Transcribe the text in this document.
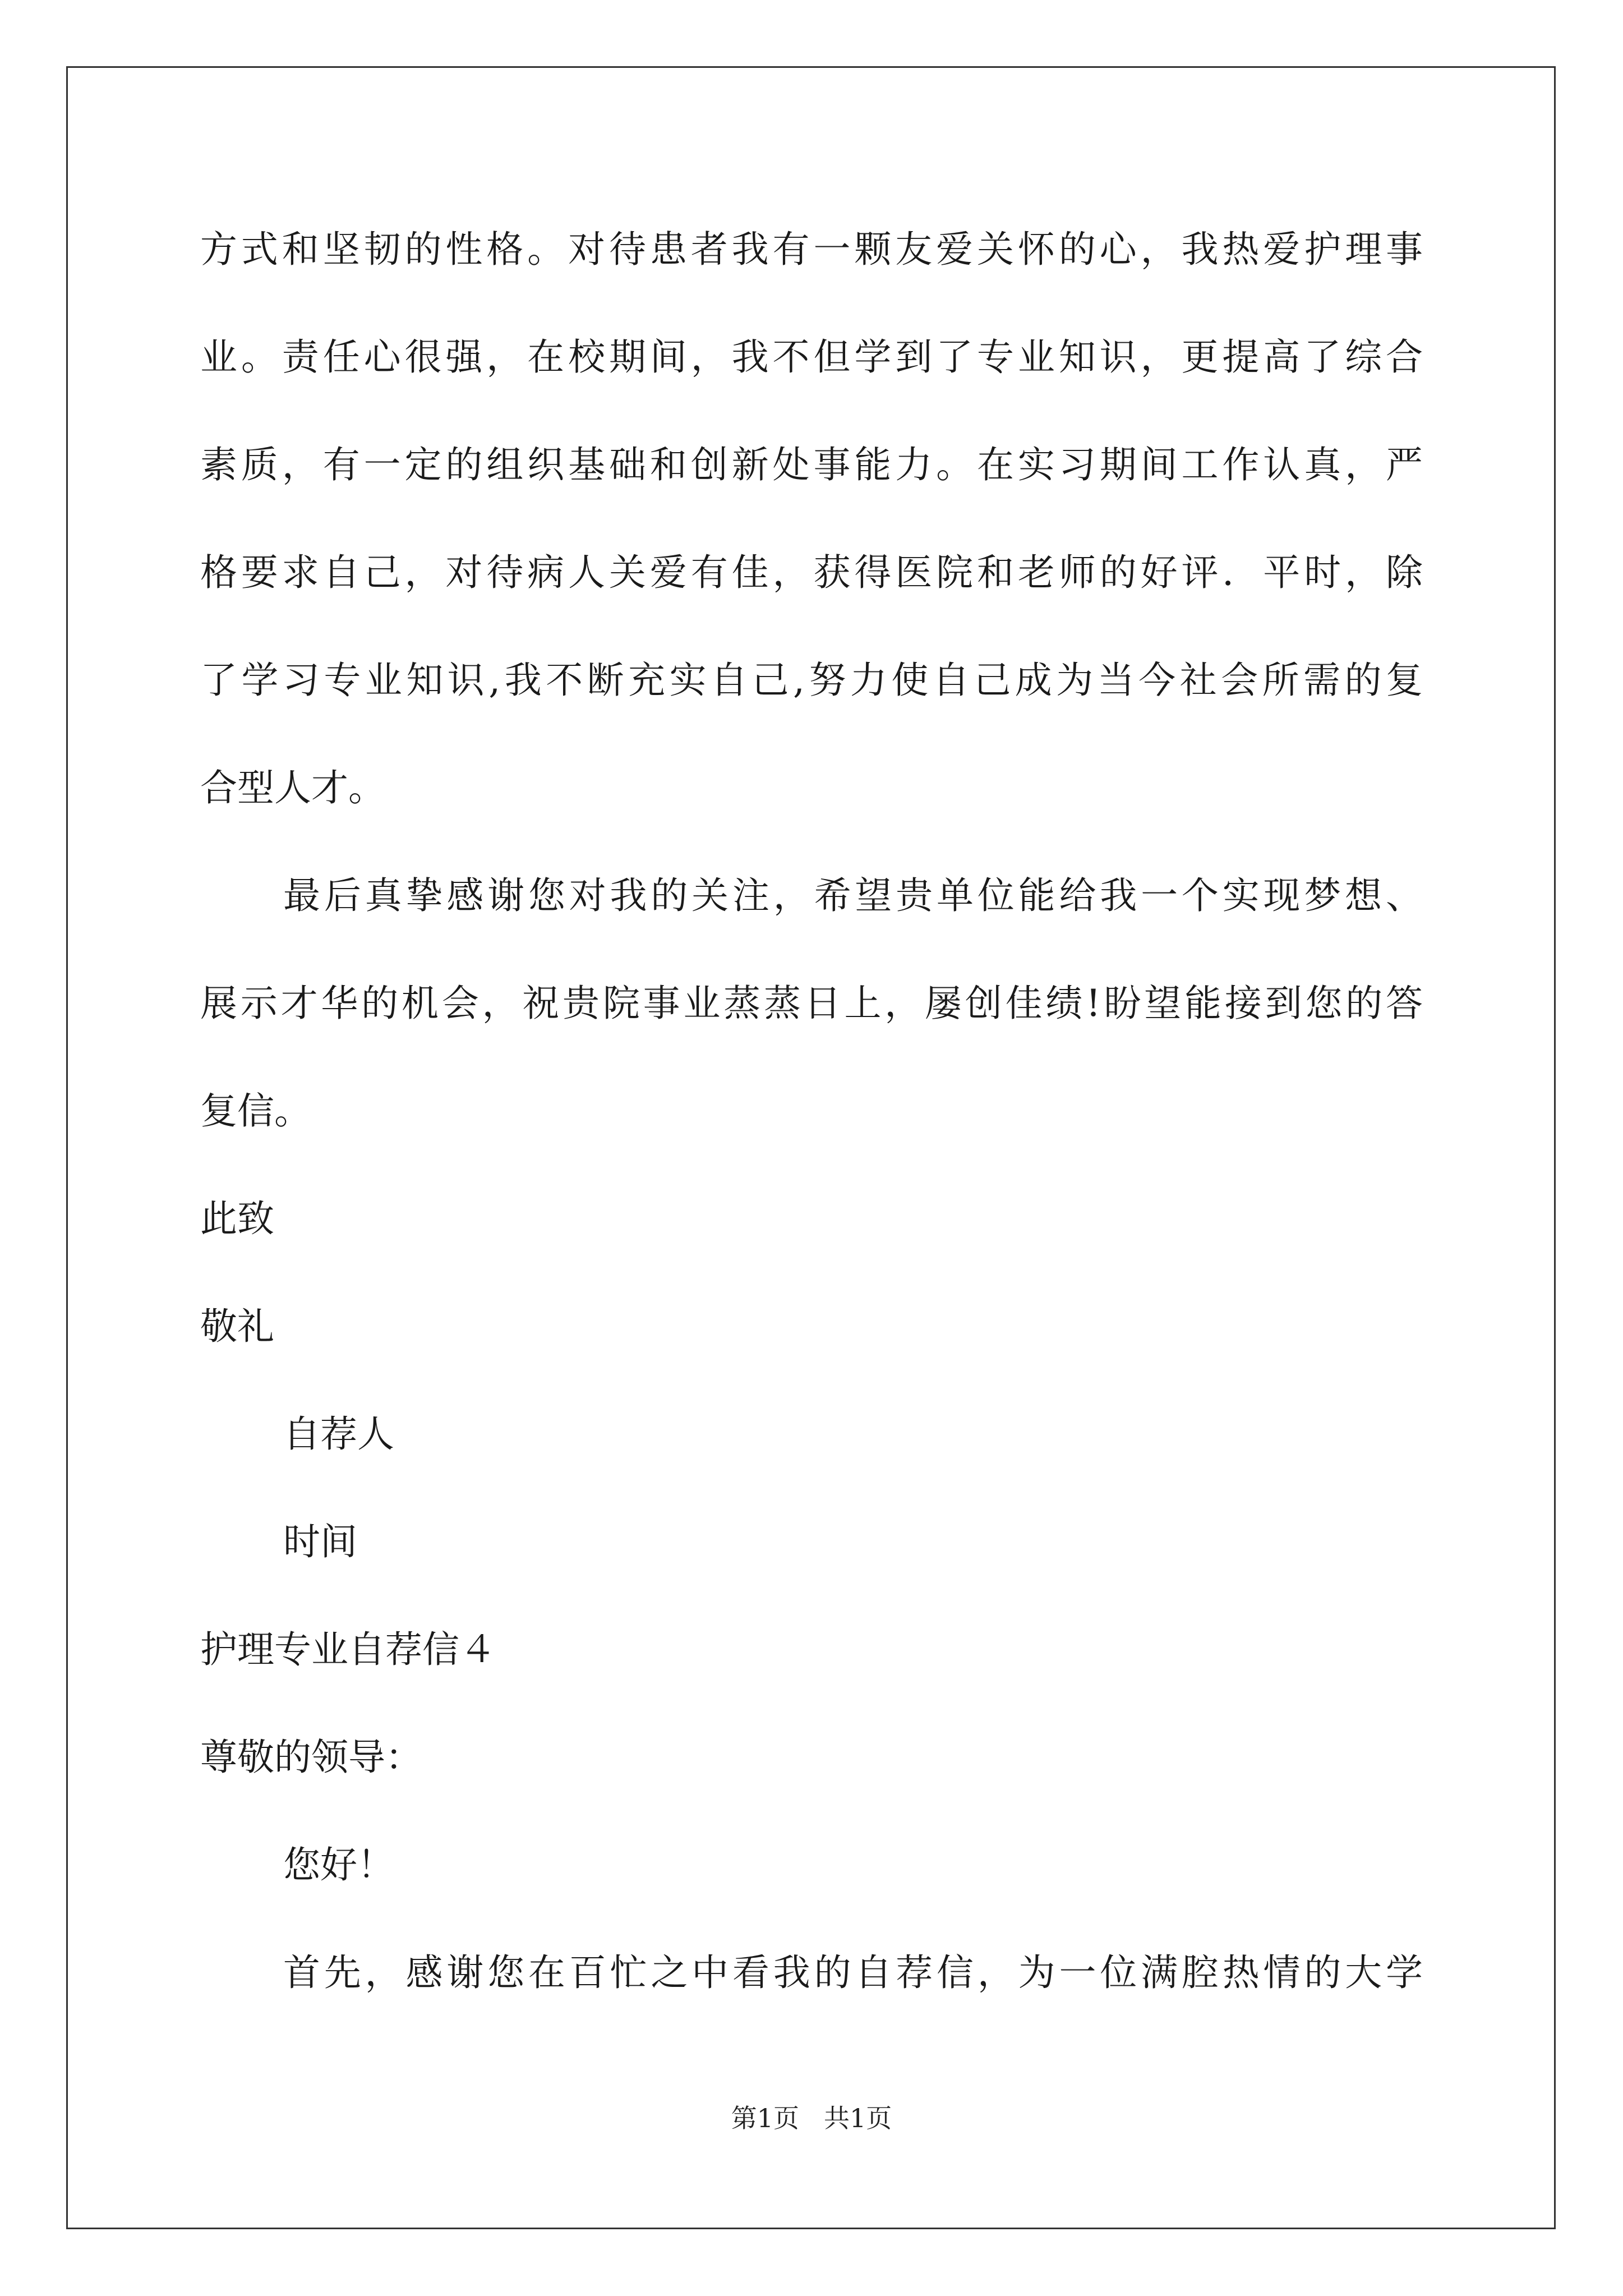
方式和坚韧的性格。对待患者我有一颗友爱关怀的心，我热爱护理事
业。责任心很强，在校期间，我不但学到了专业知识，更提高了综合
素质，有一定的组织基础和创新处事能力。在实习期间工作认真，严
格要求自己，对待病人关爱有佳，获得医院和老师的好评．平时，除
了学习专业知识,我不断充实自己,努力使自己成为当今社会所需的复
合型人才。
最后真挚感谢您对我的关注，希望贵单位能给我一个实现梦想、
展示才华的机会，祝贵院事业蒸蒸日上，屡创佳绩!盼望能接到您的答
复信。
此致
敬礼
自荐人
时间
护理专业自荐信４
尊敬的领导：
您好！
首先，感谢您在百忙之中看我的自荐信，为一位满腔热情的大学
第1页 共1页
